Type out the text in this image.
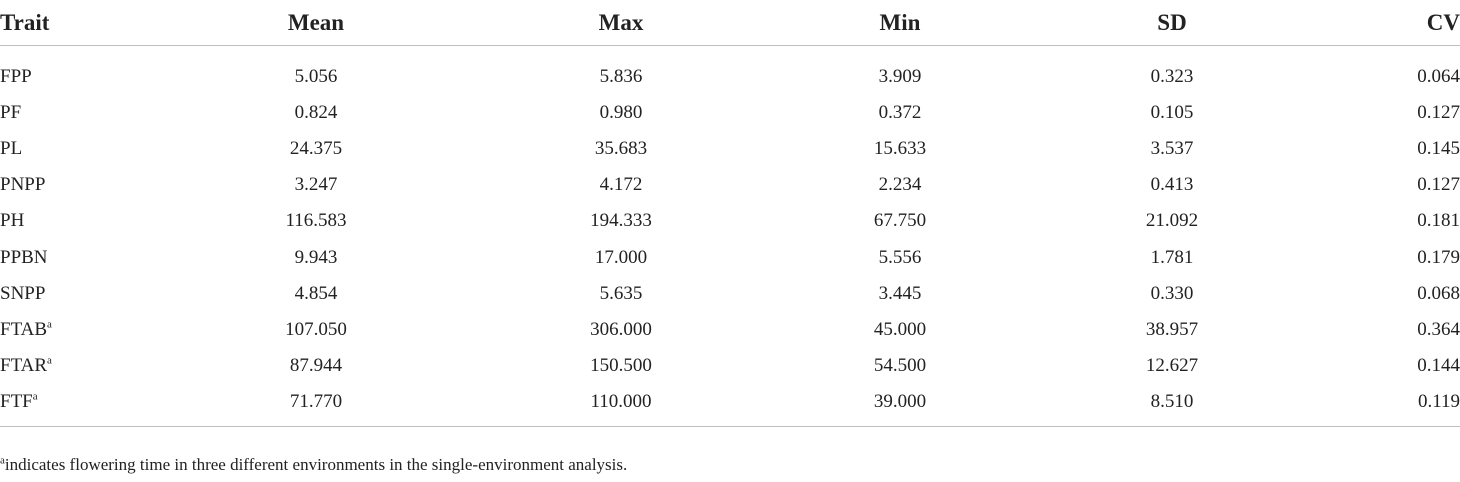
Trait	Mean	Max	Min	SD	CV
FPP	5.056	5.836	3.909	0.323	0.064
PF	0.824	0.980	0.372	0.105	0.127
PL	24.375	35.683	15.633	3.537	0.145
PNPP	3.247	4.172	2.234	0.413	0.127
PH	116.583	194.333	67.750	21.092	0.181
PPBN	9.943	17.000	5.556	1.781	0.179
SNPP	4.854	5.635	3.445	0.330	0.068
FTAB$^a$	107.050	306.000	45.000	38.957	0.364
FTAR$^a$	87.944	150.500	54.500	12.627	0.144
FTF$^a$	71.770	110.000	39.000	8.510	0.119
$^a$indicates flowering time in three different environments in the single-environment analysis.
